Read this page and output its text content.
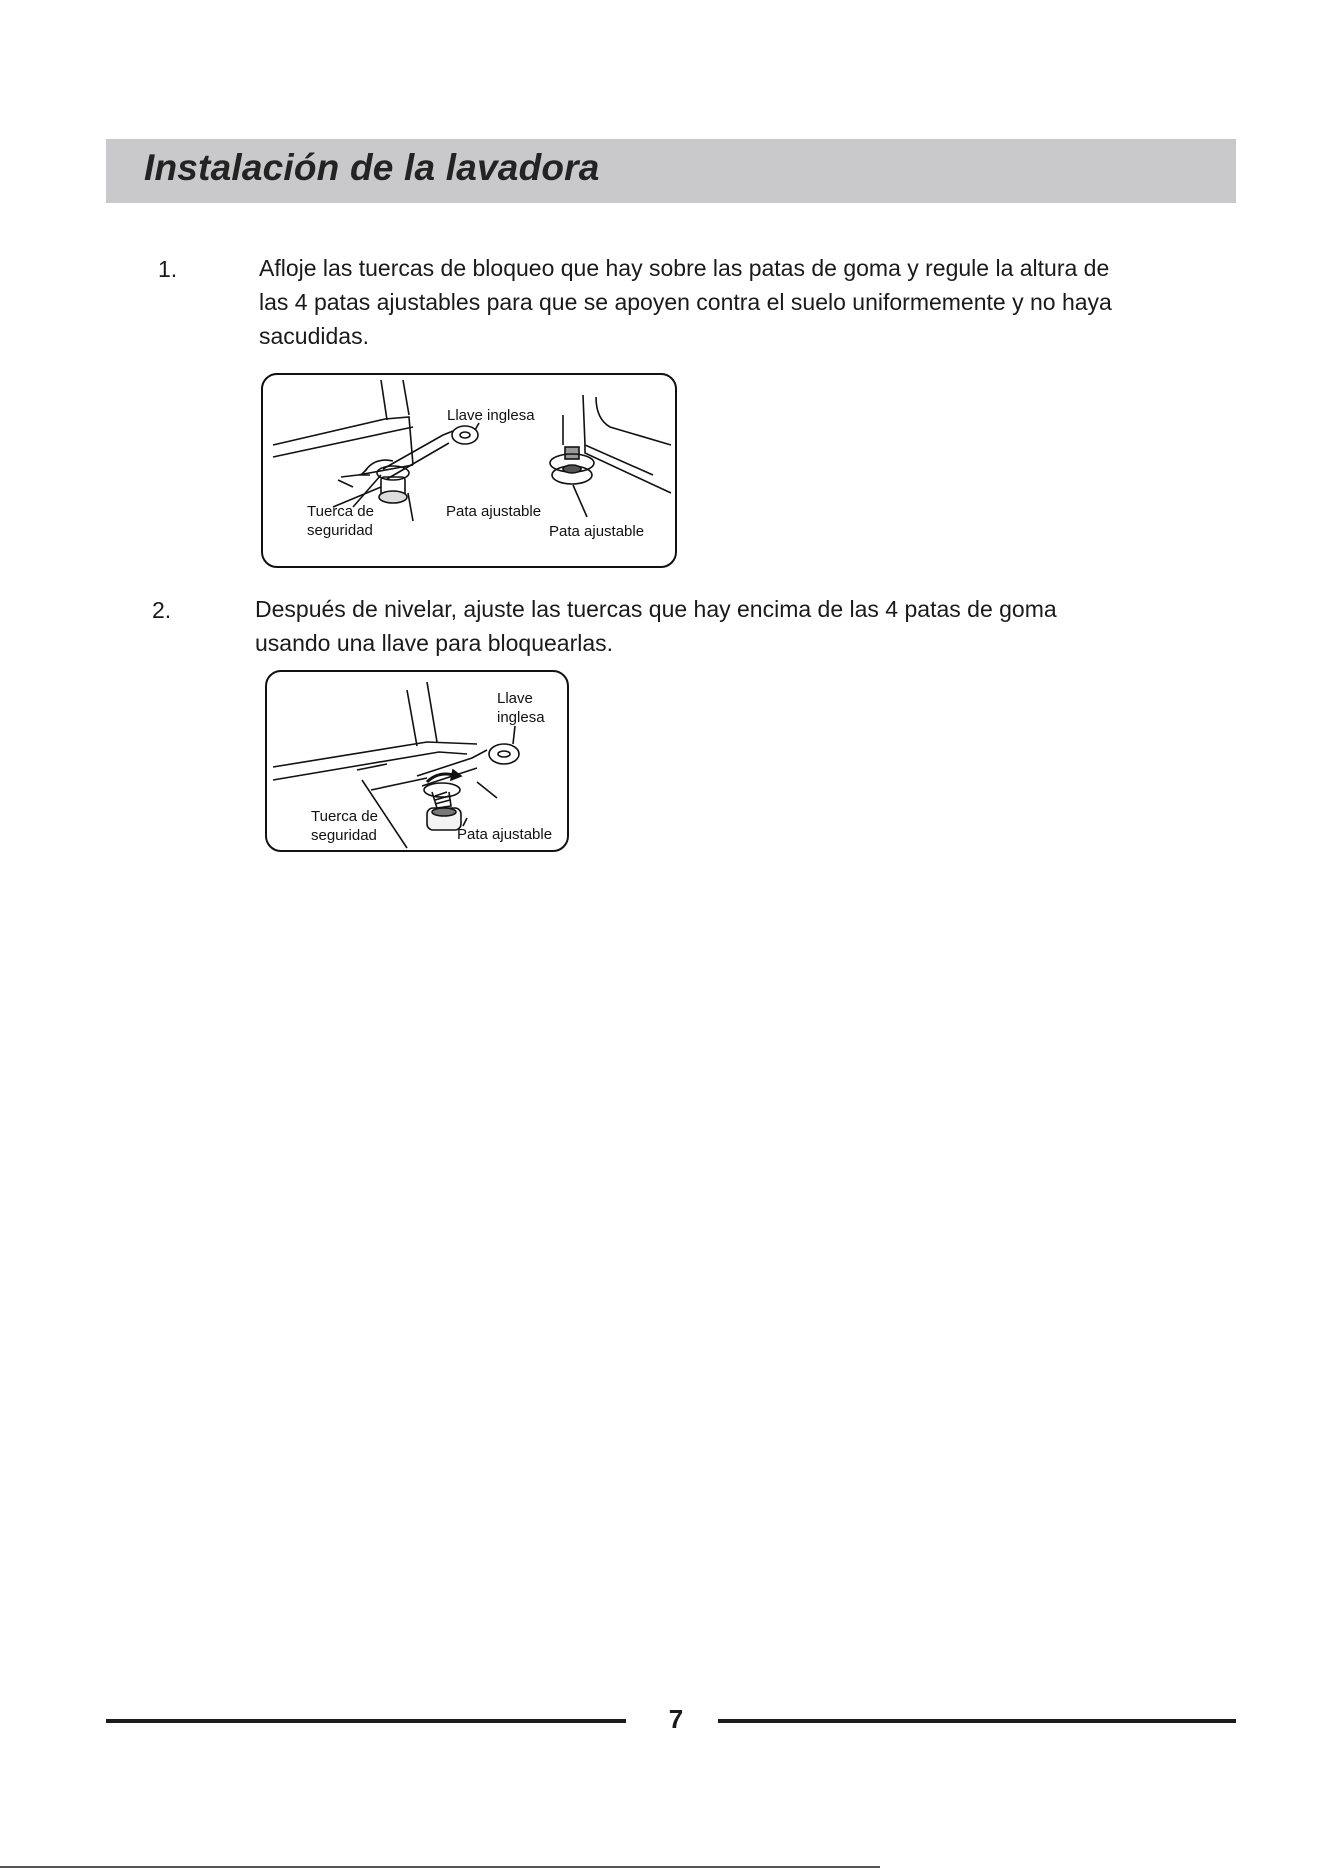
Instalación de la lavadora
1.	Afloje las tuercas de bloqueo que hay sobre las patas de goma y regule la altura de
las 4 patas ajustables para que se apoyen contra el suelo uniformemente y no haya
sacudidas.
Llave inglesa
Tuerca de
seguridad
Pata ajustable
Pata ajustable
2.	Después de nivelar, ajuste las tuercas que hay encima de las 4 patas de goma
usando una llave para bloquearlas.
Llave
inglesa
Tuerca de
seguridad	Pata ajustable
7
